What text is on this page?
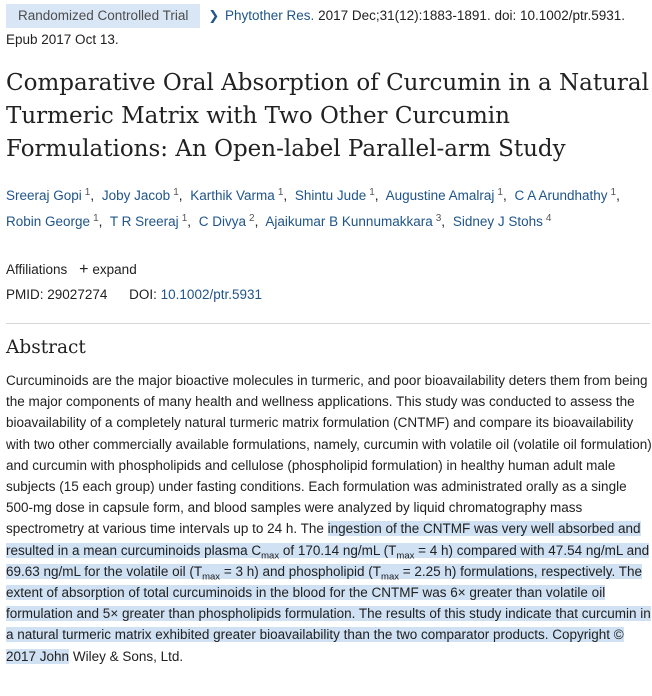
Randomized Controlled Trial ❯ Phytother Res. 2017 Dec;31(12):1883-1891. doi: 10.1002/ptr.5931. Epub 2017 Oct 13.
Comparative Oral Absorption of Curcumin in a Natural Turmeric Matrix with Two Other Curcumin Formulations: An Open-label Parallel-arm Study
Sreeraj Gopi $^1$, Joby Jacob $^1$, Karthik Varma $^1$, Shintu Jude $^1$, Augustine Amalraj $^1$, C A Arundhathy $^1$, Robin George $^1$, T R Sreeraj $^1$, C Divya $^2$, Ajaikumar B Kunnumakkara $^3$, Sidney J Stohs $^4$
Affiliations + expand
PMID: 29027274 DOI: 10.1002/ptr.5931
Abstract

Curcuminoids are the major bioactive molecules in turmeric, and poor bioavailability deters them from being the major components of many health and wellness applications. This study was conducted to assess the bioavailability of a completely natural turmeric matrix formulation (CNTMF) and compare its bioavailability with two other commercially available formulations, namely, curcumin with volatile oil (volatile oil formulation) and curcumin with phospholipids and cellulose (phospholipid formulation) in healthy human adult male subjects (15 each group) under fasting conditions. Each formulation was administrated orally as a single 500-mg dose in capsule form, and blood samples were analyzed by liquid chromatography mass spectrometry at various time intervals up to 24 h. The ingestion of the CNTMF was very well absorbed and resulted in a mean curcuminoids plasma $C_{max}$ of 170.14 ng/mL ($T_{max} = 4$ h) compared with 47.54 ng/mL and 69.63 ng/mL for the volatile oil ($T_{max} = 3$ h) and phospholipid ($T_{max} = 2.25$ h) formulations, respectively. The extent of absorption of total curcuminoids in the blood for the CNTMF was 6× greater than volatile oil formulation and 5× greater than phospholipids formulation. The results of this study indicate that curcumin in a natural turmeric matrix exhibited greater bioavailability than the two comparator products. Copyright © 2017 John Wiley & Sons, Ltd.
